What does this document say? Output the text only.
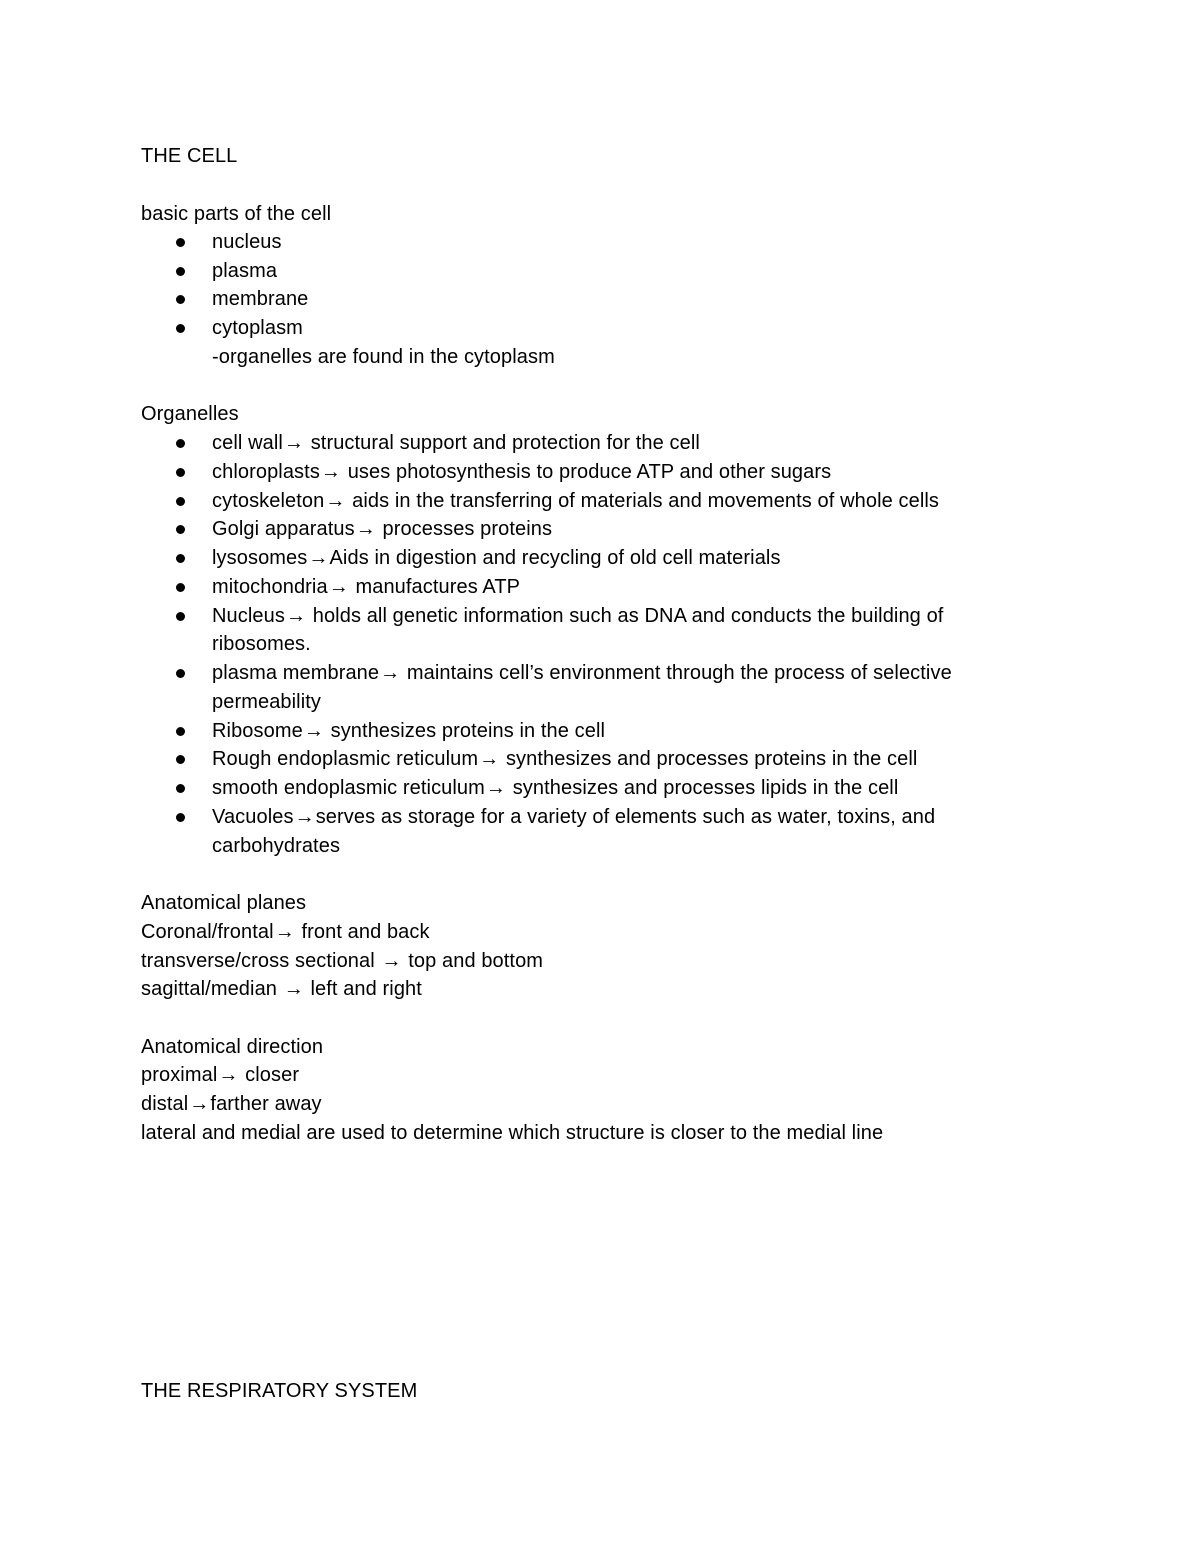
THE CELL
basic parts of the cell
nucleus
plasma
membrane
cytoplasm
-organelles are found in the cytoplasm
Organelles
cell wall→ structural support and protection for the cell
chloroplasts→ uses photosynthesis to produce ATP and other sugars
cytoskeleton→ aids in the transferring of materials and movements of whole cells
Golgi apparatus→ processes proteins
lysosomes→Aids in digestion and recycling of old cell materials
mitochondria→ manufactures ATP
Nucleus→ holds all genetic information such as DNA and conducts the building of
ribosomes.
plasma membrane→ maintains cell’s environment through the process of selective
permeability
Ribosome→ synthesizes proteins in the cell
Rough endoplasmic reticulum→ synthesizes and processes proteins in the cell
smooth endoplasmic reticulum→ synthesizes and processes lipids in the cell
Vacuoles→serves as storage for a variety of elements such as water, toxins, and
carbohydrates
Anatomical planes
Coronal/frontal→ front and back
transverse/cross sectional → top and bottom
sagittal/median → left and right
Anatomical direction
proximal→ closer
distal→farther away
lateral and medial are used to determine which structure is closer to the medial line
THE RESPIRATORY SYSTEM
